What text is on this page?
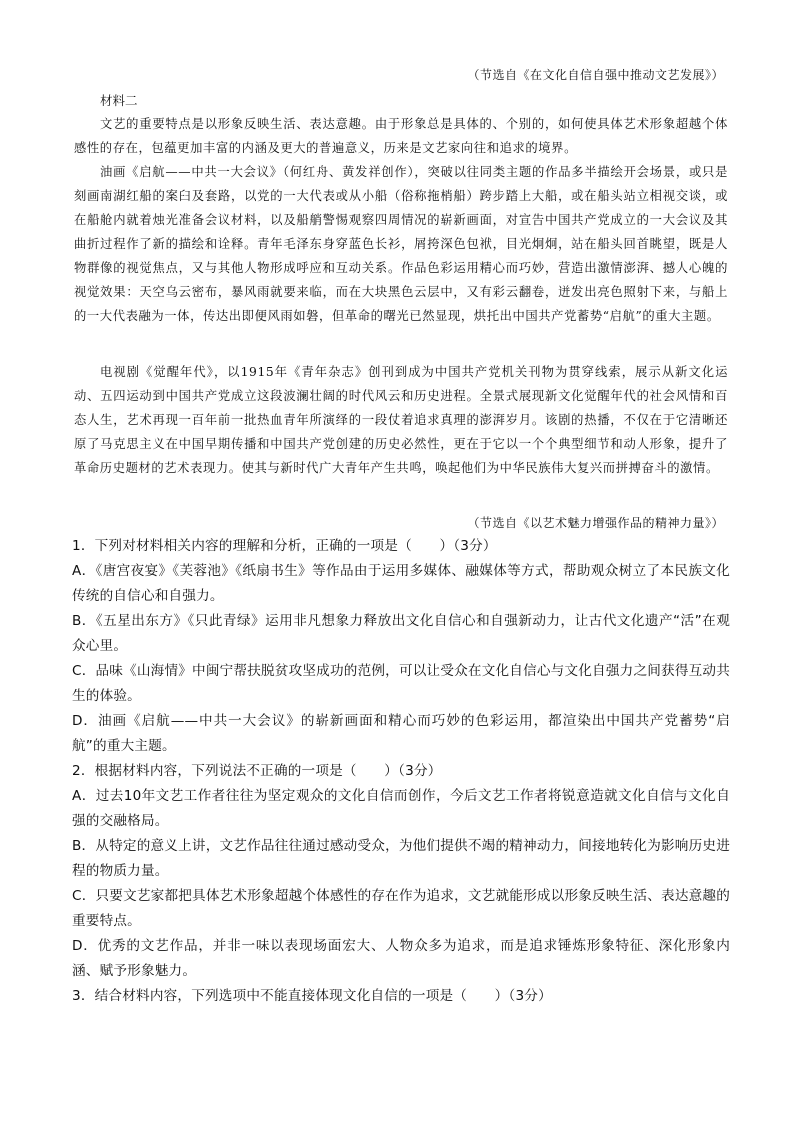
（节选自《在文化自信自强中推动文艺发展》）
材料二

文艺的重要特点是以形象反映生活、表达意趣。由于形象总是具体的、个别的，如何使具体艺术形象超越个体感性的存在，包蕴更加丰富的内涵及更大的普遍意义，历来是文艺家向往和追求的境界。

油画《启航——中共一大会议》（何红舟、黄发祥创作），突破以往同类主题的作品多半描绘开会场景，或只是刻画南湖红船的案臼及套路，以党的一大代表或从小船（俗称拖梢船）跨步踏上大船，或在船头站立相视交谈，或在船舱内就着烛光准备会议材料，以及船艄警惕观察四周情况的崭新画面，对宣告中国共产党成立的一大会议及其曲折过程作了新的描绘和诠释。青年毛泽东身穿蓝色长衫，屑挎深色包袱，目光炯炯，站在船头回首眺望，既是人物群像的视觉焦点，又与其他人物形成呼应和互动关系。作品色彩运用精心而巧妙，营造出激情澎湃、撼人心魄的视觉效果：天空乌云密布，暴风雨就要来临，而在大块黑色云层中，又有彩云翻卷，迸发出亮色照射下来，与船上的一大代表融为一体，传达出即便风雨如磐，但革命的曙光已然显现，烘托出中国共产党蓄势“启航”的重大主题。

电视剧《觉醒年代》，以1915年《青年杂志》创刊到成为中国共产党机关刊物为贯穿线索，展示从新文化运动、五四运动到中国共产党成立这段波澜壮阔的时代风云和历史进程。全景式展现新文化觉醒年代的社会风情和百态人生，艺术再现一百年前一批热血青年所演绎的一段仗着追求真理的澎湃岁月。该剧的热播，不仅在于它清晰还原了马克思主义在中国早期传播和中国共产党创建的历史必然性，更在于它以一个个典型细节和动人形象，提升了革命历史题材的艺术表现力。使其与新时代广大青年产生共鸣，唤起他们为中华民族伟大复兴而拼搏奋斗的激情。

（节选自《以艺术魅力增强作品的精神力量》）

1．下列对材料相关内容的理解和分析，正确的一项是（　　）（3分）

A．《唐宫夜宴》《芙蓉池》《纸扇书生》等作品由于运用多媒体、融媒体等方式，帮助观众树立了本民族文化传统的自信心和自强力。

B．《五星出东方》《只此青绿》运用非凡想象力释放出文化自信心和自强新动力，让古代文化遗产“活”在观众心里。

C．品味《山海情》中闽宁帮扶脱贫攻坚成功的范例，可以让受众在文化自信心与文化自强力之间获得互动共生的体验。

D．油画《启航——中共一大会议》的崭新画面和精心而巧妙的色彩运用，都渲染出中国共产党蓄势“启航”的重大主题。

2．根据材料内容，下列说法不正确的一项是（　　）（3分）

A．过去10年文艺工作者往往为坚定观众的文化自信而创作，今后文艺工作者将锐意造就文化自信与文化自强的交融格局。

B．从特定的意义上讲，文艺作品往往通过感动受众，为他们提供不竭的精神动力，间接地转化为影响历史进程的物质力量。

C．只要文艺家都把具体艺术形象超越个体感性的存在作为追求，文艺就能形成以形象反映生活、表达意趣的重要特点。

D．优秀的文艺作品，并非一味以表现场面宏大、人物众多为追求，而是追求锤炼形象特征、深化形象内涵、赋予形象魅力。

3．结合材料内容，下列选项中不能直接体现文化自信的一项是（　　）（3分）
